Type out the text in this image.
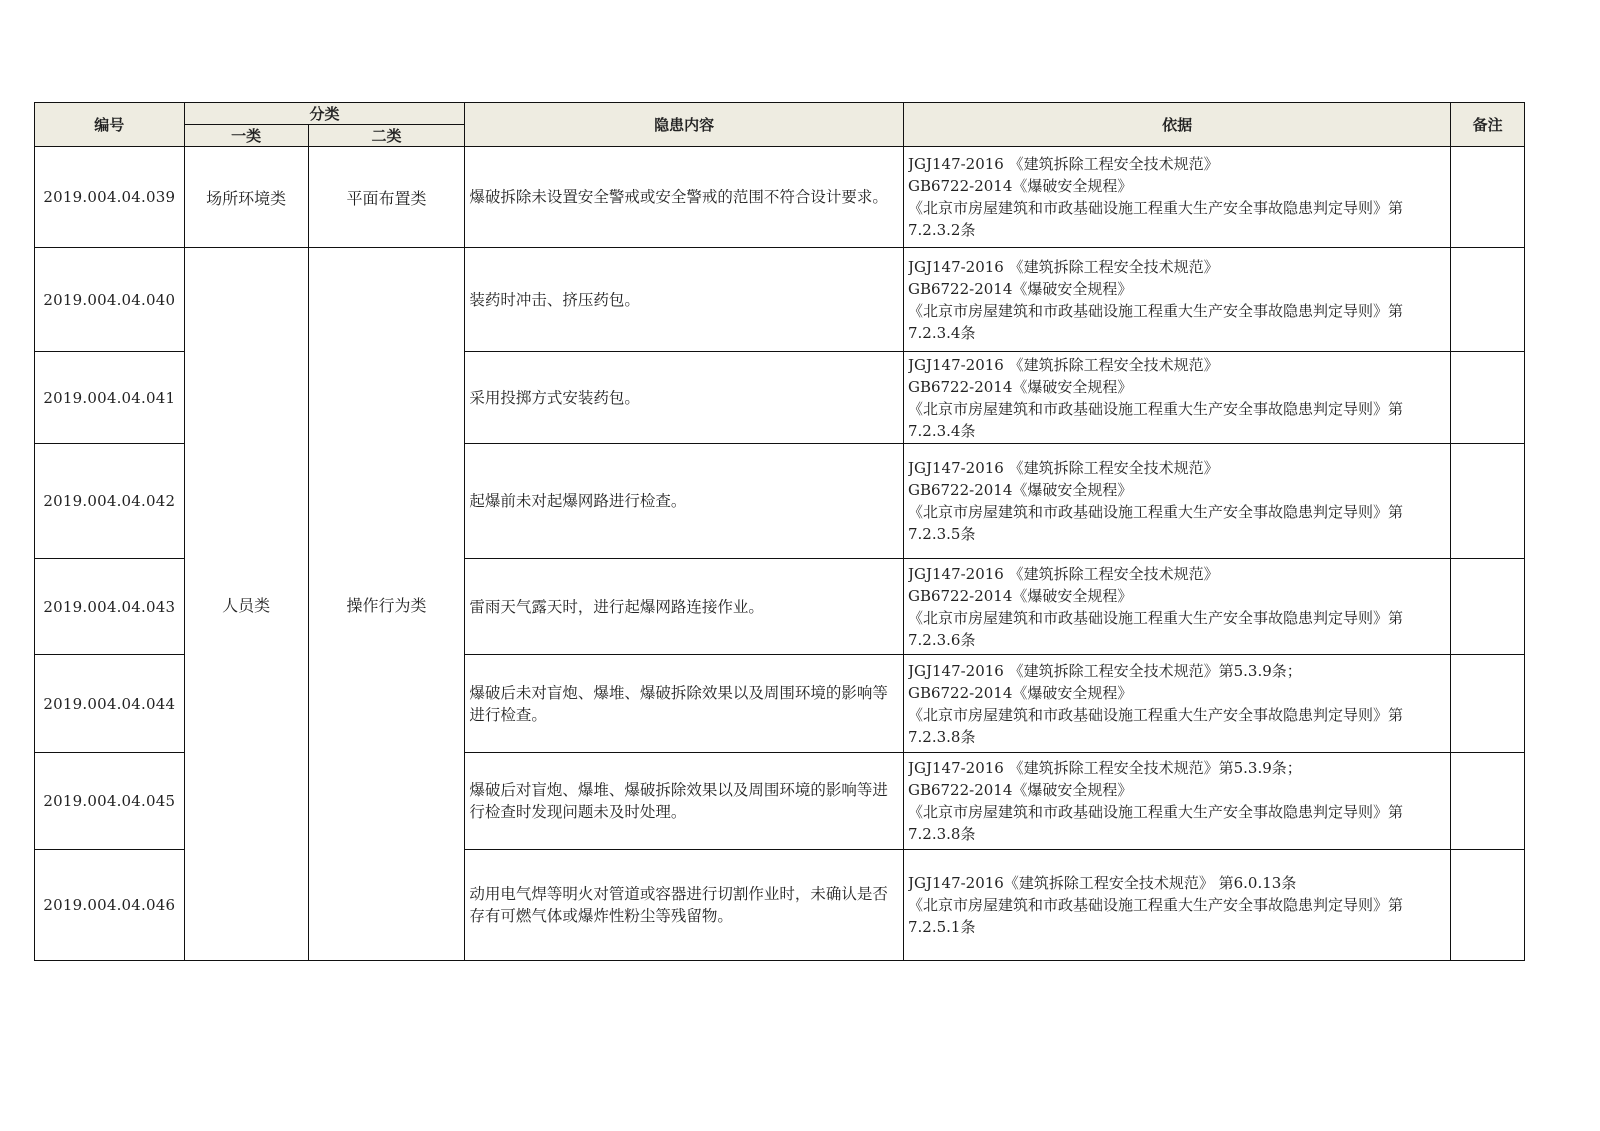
编号	分类		隐患内容	依据	备注
	一类	二类			
2019.004.04.039	场所环境类	平面布置类	爆破拆除未设置安全警戒或安全警戒的范围不符合设计要求。	JGJ147-2016 《建筑拆除工程安全技术规范》
GB6722-2014《爆破安全规程》
《北京市房屋建筑和市政基础设施工程重大生产安全事故隐患判定导则》第7.2.3.2条	

2019.004.04.040	人员类	操作行为类	装药时冲击、挤压药包。	JGJ147-2016 《建筑拆除工程安全技术规范》
GB6722-2014《爆破安全规程》
《北京市房屋建筑和市政基础设施工程重大生产安全事故隐患判定导则》第7.2.3.4条	

2019.004.04.041			采用投掷方式安装药包。	JGJ147-2016 《建筑拆除工程安全技术规范》
GB6722-2014《爆破安全规程》
《北京市房屋建筑和市政基础设施工程重大生产安全事故隐患判定导则》第7.2.3.4条	

2019.004.04.042			起爆前未对起爆网路进行检查。	JGJ147-2016 《建筑拆除工程安全技术规范》
GB6722-2014《爆破安全规程》
《北京市房屋建筑和市政基础设施工程重大生产安全事故隐患判定导则》第7.2.3.5条	

2019.004.04.043			雷雨天气露天时，进行起爆网路连接作业。	JGJ147-2016 《建筑拆除工程安全技术规范》
GB6722-2014《爆破安全规程》
《北京市房屋建筑和市政基础设施工程重大生产安全事故隐患判定导则》第7.2.3.6条	

2019.004.04.044			爆破后未对盲炮、爆堆、爆破拆除效果以及周围环境的影响等进行检查。	JGJ147-2016 《建筑拆除工程安全技术规范》第5.3.9条；
GB6722-2014《爆破安全规程》
《北京市房屋建筑和市政基础设施工程重大生产安全事故隐患判定导则》第7.2.3.8条	

2019.004.04.045			爆破后对盲炮、爆堆、爆破拆除效果以及周围环境的影响等进行检查时发现问题未及时处理。	JGJ147-2016 《建筑拆除工程安全技术规范》第5.3.9条；
GB6722-2014《爆破安全规程》
《北京市房屋建筑和市政基础设施工程重大生产安全事故隐患判定导则》第7.2.3.8条	

2019.004.04.046			动用电气焊等明火对管道或容器进行切割作业时，未确认是否存有可燃气体或爆炸性粉尘等残留物。	JGJ147-2016《建筑拆除工程安全技术规范》 第6.0.13条
《北京市房屋建筑和市政基础设施工程重大生产安全事故隐患判定导则》第7.2.5.1条	
